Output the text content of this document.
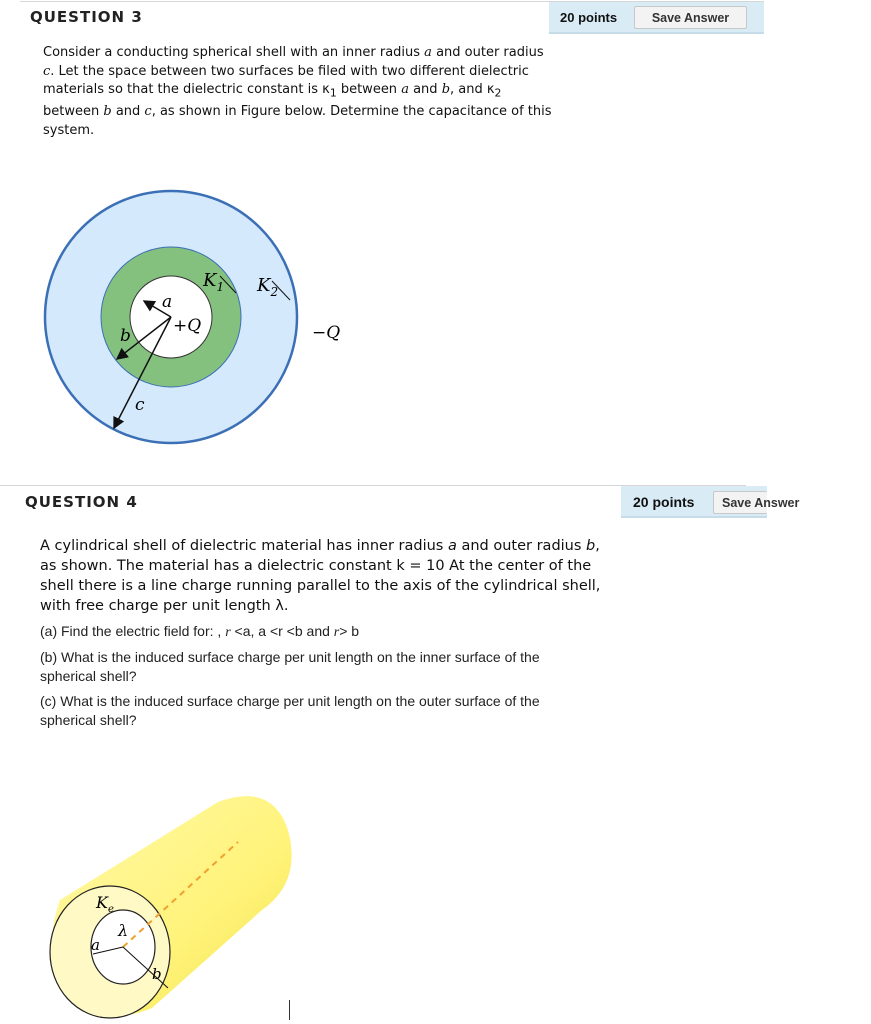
QUESTION 3	20 points	Save Answer
Consider a conducting spherical shell with an inner radius a and outer radius
c. Let the space between two surfaces be filed with two different dielectric
materials so that the dielectric constant is $\kappa_1$ between a and b, and $\kappa_2$
between b and c, as shown in Figure below. Determine the capacitance of this
system.
a
b
c
+Q	−Q
$K_1$ $K_2$
QUESTION 4	20 points	Save Answer
A cylindrical shell of dielectric material has inner radius a and outer radius b,
as shown. The material has a dielectric constant k = 10 At the center of the
shell there is a line charge running parallel to the axis of the cylindrical shell,
with free charge per unit length λ.
(a) Find the electric field for: , r <a, a <r <b and r> b
(b) What is the induced surface charge per unit length on the inner surface of the
spherical shell?
(c) What is the induced surface charge per unit length on the outer surface of the
spherical shell?
$K_e$
λ
a
b
